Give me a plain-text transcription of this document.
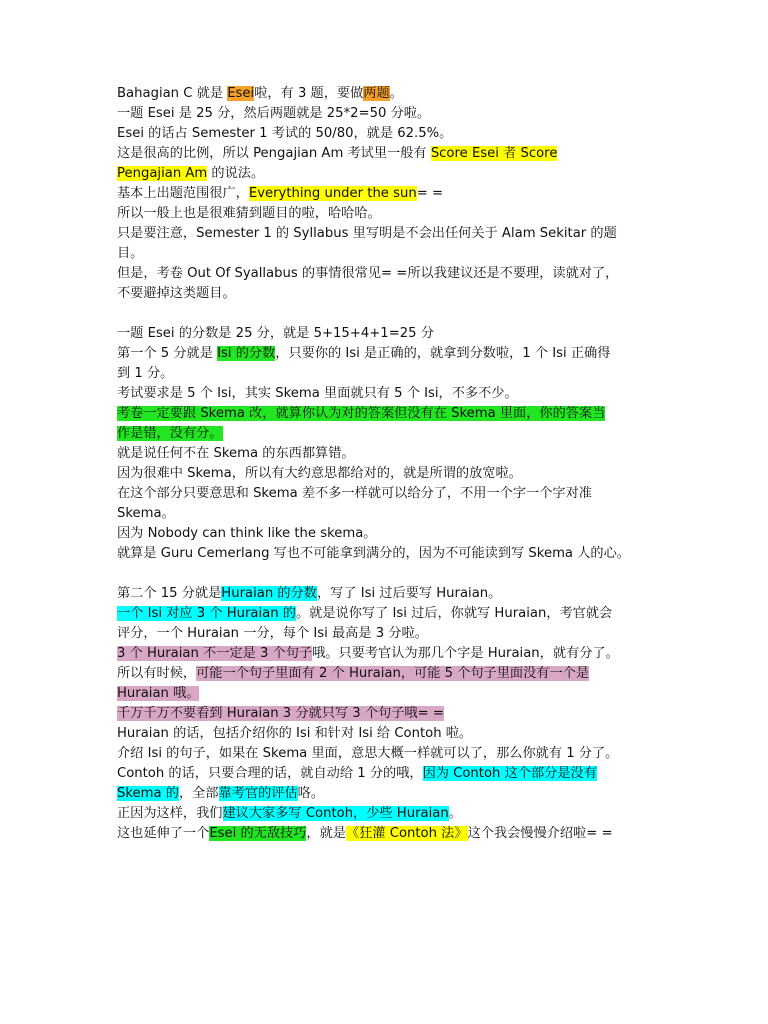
Bahagian C 就是 Esei啦，有 3 题，要做两题。
一题 Esei 是 25 分，然后两题就是 25*2=50 分啦。
Esei 的话占 Semester 1 考试的 50/80，就是 62.5%。
这是很高的比例，所以 Pengajian Am 考试里一般有 Score Esei 者 Score
Pengajian Am 的说法。
基本上出题范围很广，Everything under the sun= =
所以一般上也是很难猜到题目的啦，哈哈哈。
只是要注意，Semester 1 的 Syllabus 里写明是不会出任何关于 Alam Sekitar 的题
目。
但是，考卷 Out Of Syallabus 的事情很常见= =所以我建议还是不要理，读就对了，
不要避掉这类题目。
一题 Esei 的分数是 25 分，就是 5+15+4+1=25 分
第一个 5 分就是 Isi 的分数，只要你的 Isi 是正确的，就拿到分数啦，1 个 Isi 正确得
到 1 分。
考试要求是 5 个 Isi，其实 Skema 里面就只有 5 个 Isi，不多不少。
考卷一定要跟 Skema 改，就算你认为对的答案但没有在 Skema 里面，你的答案当
作是错，没有分。
就是说任何不在 Skema 的东西都算错。
因为很难中 Skema，所以有大约意思都给对的，就是所谓的放宽啦。
在这个部分只要意思和 Skema 差不多一样就可以给分了，不用一个字一个字对准
Skema。
因为 Nobody can think like the skema。
就算是 Guru Cemerlang 写也不可能拿到满分的，因为不可能读到写 Skema 人的心。
第二个 15 分就是Huraian 的分数，写了 Isi 过后要写 Huraian。
一个 Isi 对应 3 个 Huraian 的。就是说你写了 Isi 过后，你就写 Huraian，考官就会
评分，一个 Huraian 一分，每个 Isi 最高是 3 分啦。
3 个 Huraian 不一定是 3 个句子哦。只要考官认为那几个字是 Huraian，就有分了。
所以有时候，可能一个句子里面有 2 个 Huraian，可能 5 个句子里面没有一个是
Huraian 哦。
千万千万不要看到 Huraian 3 分就只写 3 个句子哦= =
Huraian 的话，包括介绍你的 Isi 和针对 Isi 给 Contoh 啦。
介绍 Isi 的句子，如果在 Skema 里面，意思大概一样就可以了，那么你就有 1 分了。
Contoh 的话，只要合理的话，就自动给 1 分的哦，因为 Contoh 这个部分是没有
Skema 的，全部靠考官的评估咯。
正因为这样，我们建议大家多写 Contoh，少些 Huraian。
这也延伸了一个Esei 的无敌技巧，就是《狂灌 Contoh 法》这个我会慢慢介绍啦= =
